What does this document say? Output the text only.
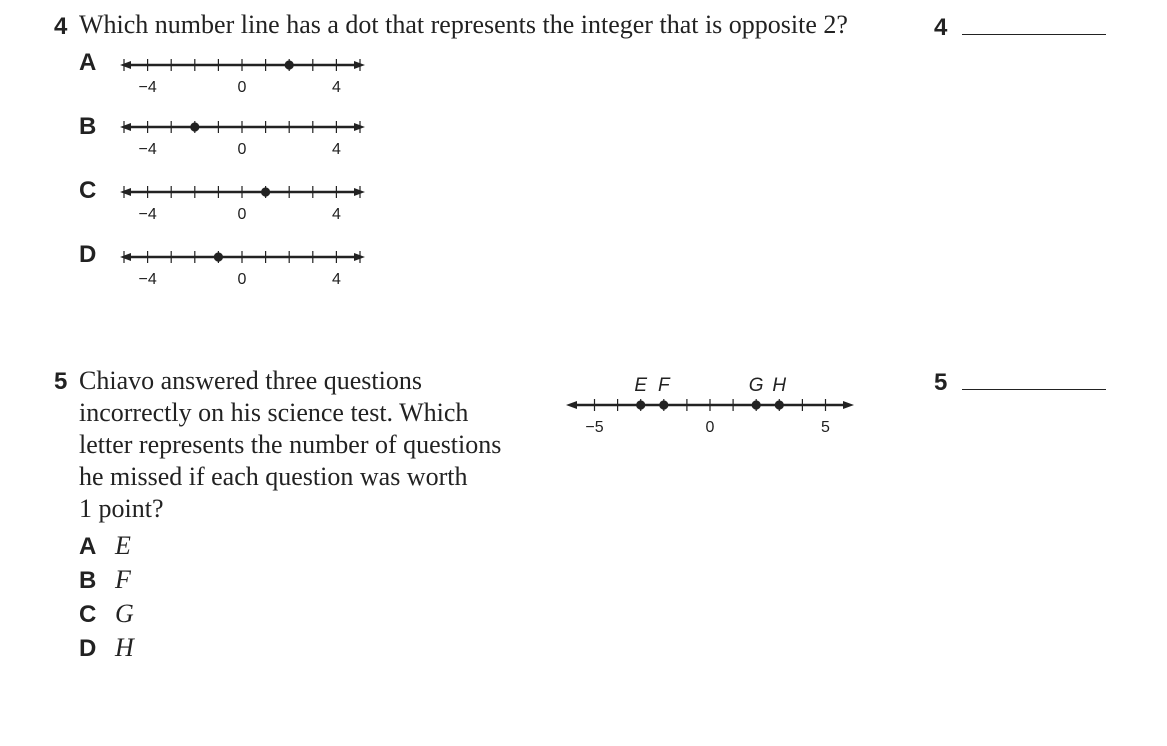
4 Which number line has a dot that represents the integer that is opposite 2?	4
A
−4	0	4
B
−4	0	4
C
−4	0	4
D
−4	0	4
5 Chiavo answered three questions
incorrectly on his science test. Which
letter represents the number of questions
he missed if each question was worth
1 point?
5
−5	0	5
E F	G H
A E
B F
C G
D H
